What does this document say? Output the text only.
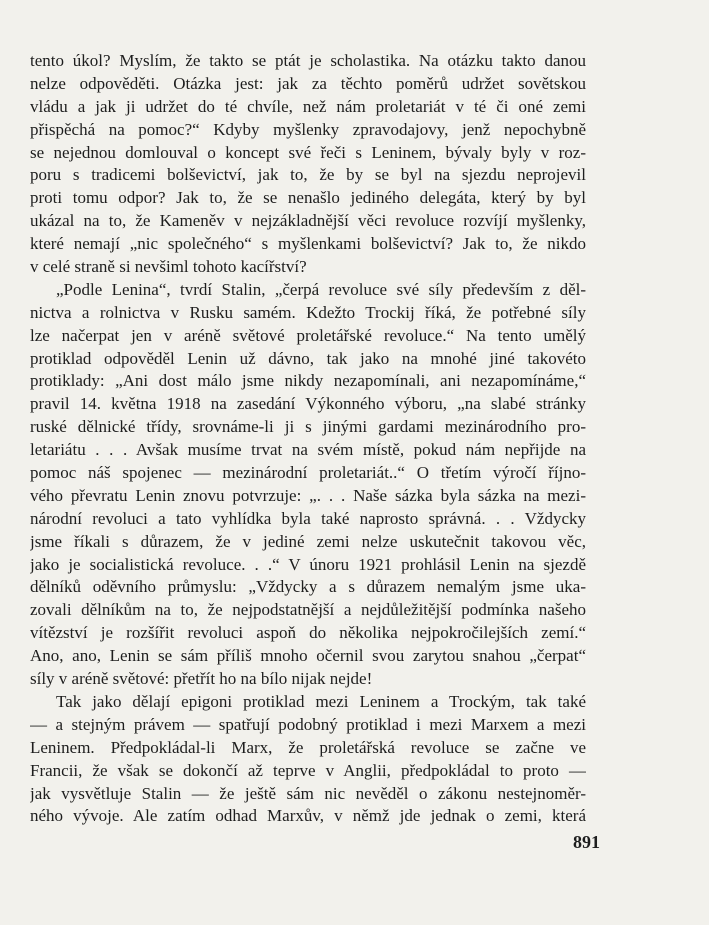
tento úkol? Myslím, že takto se ptát je scholastika. Na otázku takto danou
nelze odpověděti. Otázka jest: jak za těchto poměrů udržet sovětskou
vládu a jak ji udržet do té chvíle, než nám proletariát v té či oné zemi
přispěchá na pomoc?“ Kdyby myšlenky zpravodajovy, jenž nepochybně
se nejednou domlouval o koncept své řeči s Leninem, bývaly byly v roz-
poru s tradicemi bolševictví, jak to, že by se byl na sjezdu neprojevil
proti tomu odpor? Jak to, že se nenašlo jediného delegáta, který by byl
ukázal na to, že Kameněv v nejzákladnější věci revoluce rozvíjí myšlenky,
které nemají „nic společného“ s myšlenkami bolševictví? Jak to, že nikdo
v celé straně si nevšiml tohoto kacířství?
„Podle Lenina“, tvrdí Stalin, „čerpá revoluce své síly především z děl-
nictva a rolnictva v Rusku samém. Kdežto Trockij říká, že potřebné síly
lze načerpat jen v aréně světové proletářské revoluce.“ Na tento umělý
protiklad odpověděl Lenin už dávno, tak jako na mnohé jiné takovéto
protiklady: „Ani dost málo jsme nikdy nezapomínali, ani nezapomínáme,“
pravil 14. května 1918 na zasedání Výkonného výboru, „na slabé stránky
ruské dělnické třídy, srovnáme-li ji s jinými gardami mezinárodního pro-
letariátu . . . Avšak musíme trvat na svém místě, pokud nám nepřijde na
pomoc náš spojenec — mezinárodní proletariát..“ O třetím výročí říjno-
vého převratu Lenin znovu potvrzuje: „. . . Naše sázka byla sázka na mezi-
národní revoluci a tato vyhlídka byla také naprosto správná. . . Vždycky
jsme říkali s důrazem, že v jediné zemi nelze uskutečnit takovou věc,
jako je socialistická revoluce. . .“ V únoru 1921 prohlásil Lenin na sjezdě
dělníků oděvního průmyslu: „Vždycky a s důrazem nemalým jsme uka-
zovali dělníkům na to, že nejpodstatnější a nejdůležitější podmínka našeho
vítězství je rozšířit revoluci aspoň do několika nejpokročilejších zemí.“
Ano, ano, Lenin se sám příliš mnoho očernil svou zarytou snahou „čerpat“
síly v aréně světové: přetřít ho na bílo nijak nejde!
Tak jako dělají epigoni protiklad mezi Leninem a Trockým, tak také
— a stejným právem — spatřují podobný protiklad i mezi Marxem a mezi
Leninem. Předpokládal-li Marx, že proletářská revoluce se začne ve
Francii, že však se dokončí až teprve v Anglii, předpokládal to proto —
jak vysvětluje Stalin — že ještě sám nic nevěděl o zákonu nestejnoměr-
ného vývoje. Ale zatím odhad Marxův, v němž jde jednak o zemi, která
891
